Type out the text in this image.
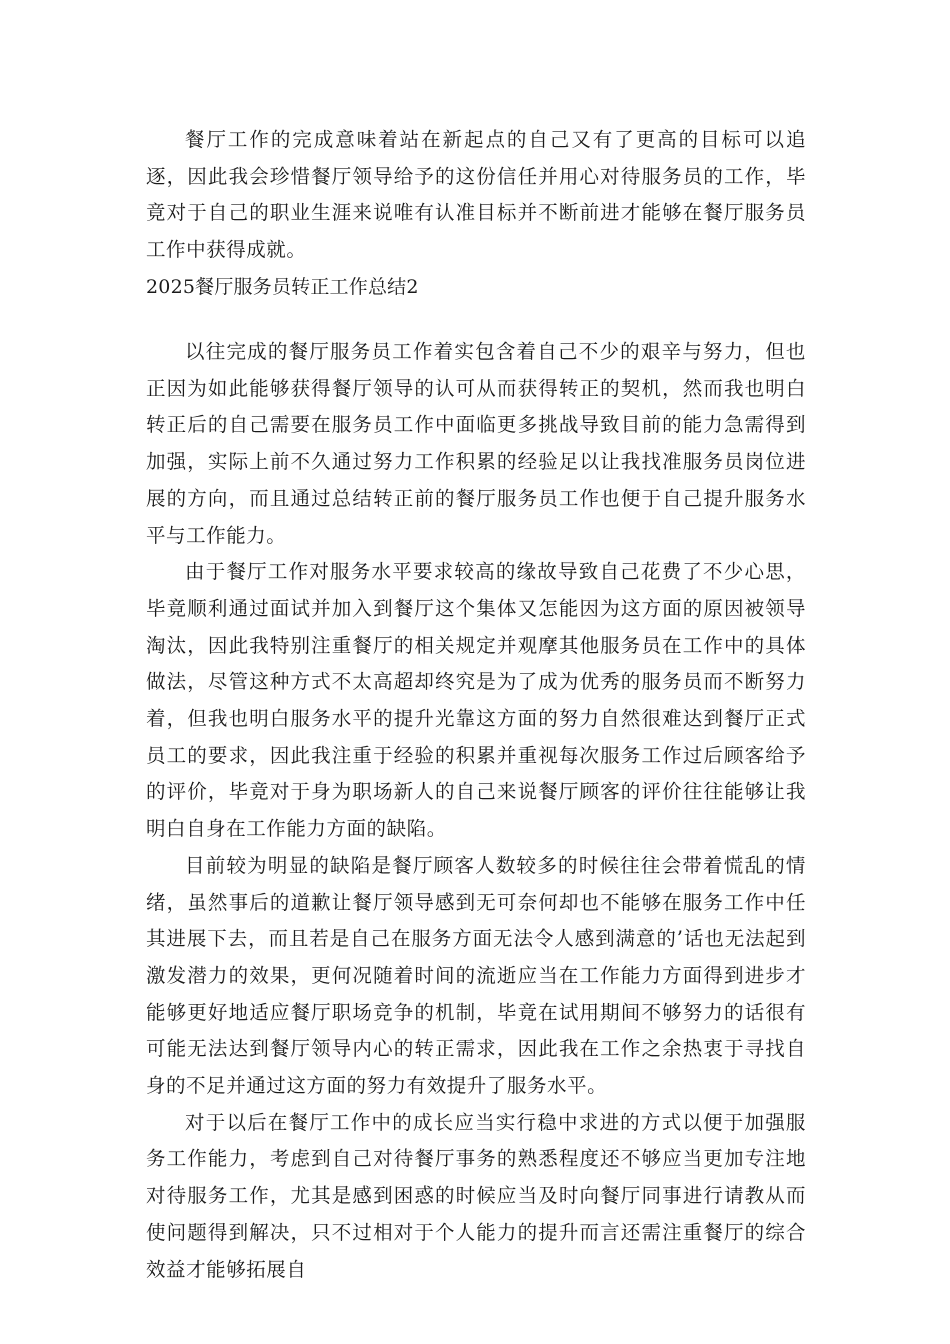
餐厅工作的完成意味着站在新起点的自己又有了更高的目标可以追逐，因此我会珍惜餐厅领导给予的这份信任并用心对待服务员的工作，毕竟对于自己的职业生涯来说唯有认准目标并不断前进才能够在餐厅服务员工作中获得成就。

2025餐厅服务员转正工作总结2

以往完成的餐厅服务员工作着实包含着自己不少的艰辛与努力，但也正因为如此能够获得餐厅领导的认可从而获得转正的契机，然而我也明白转正后的自己需要在服务员工作中面临更多挑战导致目前的能力急需得到加强，实际上前不久通过努力工作积累的经验足以让我找准服务员岗位进展的方向，而且通过总结转正前的餐厅服务员工作也便于自己提升服务水平与工作能力。

由于餐厅工作对服务水平要求较高的缘故导致自己花费了不少心思，毕竟顺利通过面试并加入到餐厅这个集体又怎能因为这方面的原因被领导淘汰，因此我特别注重餐厅的相关规定并观摩其他服务员在工作中的具体做法，尽管这种方式不太高超却终究是为了成为优秀的服务员而不断努力着，但我也明白服务水平的提升光靠这方面的努力自然很难达到餐厅正式员工的要求，因此我注重于经验的积累并重视每次服务工作过后顾客给予的评价，毕竟对于身为职场新人的自己来说餐厅顾客的评价往往能够让我明白自身在工作能力方面的缺陷。

目前较为明显的缺陷是餐厅顾客人数较多的时候往往会带着慌乱的情绪，虽然事后的道歉让餐厅领导感到无可奈何却也不能够在服务工作中任其进展下去，而且若是自己在服务方面无法令人感到满意的’话也无法起到激发潜力的效果，更何况随着时间的流逝应当在工作能力方面得到进步才能够更好地适应餐厅职场竞争的机制，毕竟在试用期间不够努力的话很有可能无法达到餐厅领导内心的转正需求，因此我在工作之余热衷于寻找自身的不足并通过这方面的努力有效提升了服务水平。

对于以后在餐厅工作中的成长应当实行稳中求进的方式以便于加强服务工作能力，考虑到自己对待餐厅事务的熟悉程度还不够应当更加专注地对待服务工作，尤其是感到困惑的时候应当及时向餐厅同事进行请教从而使问题得到解决，只不过相对于个人能力的提升而言还需注重餐厅的综合效益才能够拓展自
